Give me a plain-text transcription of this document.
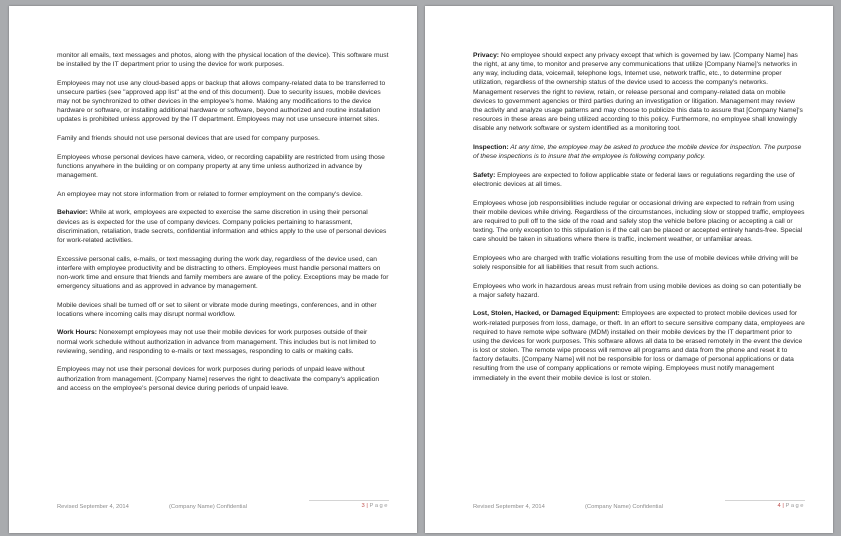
monitor all emails, text messages and photos, along with the physical location of the device). This software must be installed by the IT department prior to using the device for work purposes.

Employees may not use any cloud-based apps or backup that allows company-related data to be transferred to unsecure parties (see "approved app list" at the end of this document). Due to security issues, mobile devices may not be synchronized to other devices in the employee's home. Making any modifications to the device hardware or software, or installing additional hardware or software, beyond authorized and routine installation updates is prohibited unless approved by the IT department. Employees may not use unsecure internet sites.

Family and friends should not use personal devices that are used for company purposes.

Employees whose personal devices have camera, video, or recording capability are restricted from using those functions anywhere in the building or on company property at any time unless authorized in advance by management.

An employee may not store information from or related to former employment on the company's device.

Behavior: While at work, employees are expected to exercise the same discretion in using their personal devices as is expected for the use of company devices. Company policies pertaining to harassment, discrimination, retaliation, trade secrets, confidential information and ethics apply to the use of personal devices for work-related activities.

Excessive personal calls, e-mails, or text messaging during the work day, regardless of the device used, can interfere with employee productivity and be distracting to others. Employees must handle personal matters on non-work time and ensure that friends and family members are aware of the policy. Exceptions may be made for emergency situations and as approved in advance by management.

Mobile devices shall be turned off or set to silent or vibrate mode during meetings, conferences, and in other locations where incoming calls may disrupt normal workflow.

Work Hours: Nonexempt employees may not use their mobile devices for work purposes outside of their normal work schedule without authorization in advance from management. This includes but is not limited to reviewing, sending, and responding to e-mails or text messages, responding to calls or making calls.

Employees may not use their personal devices for work purposes during periods of unpaid leave without authorization from management. [Company Name] reserves the right to deactivate the company's application and access on the employee's personal device during periods of unpaid leave.

Revised September 4, 2014	(Company Name) Confidential	3 | Page

Privacy: No employee should expect any privacy except that which is governed by law. [Company Name] has the right, at any time, to monitor and preserve any communications that utilize [Company Name]'s networks in any way, including data, voicemail, telephone logs, Internet use, network traffic, etc., to determine proper utilization, regardless of the ownership status of the device used to access the company's networks. Management reserves the right to review, retain, or release personal and company-related data on mobile devices to government agencies or third parties during an investigation or litigation. Management may review the activity and analyze usage patterns and may choose to publicize this data to assure that [Company Name]'s resources in these areas are being utilized according to this policy. Furthermore, no employee shall knowingly disable any network software or system identified as a monitoring tool.

Inspection: At any time, the employee may be asked to produce the mobile device for inspection. The purpose of these inspections is to insure that the employee is following company policy.

Safety: Employees are expected to follow applicable state or federal laws or regulations regarding the use of electronic devices at all times.

Employees whose job responsibilities include regular or occasional driving are expected to refrain from using their mobile devices while driving. Regardless of the circumstances, including slow or stopped traffic, employees are required to pull off to the side of the road and safely stop the vehicle before placing or accepting a call or texting. The only exception to this stipulation is if the call can be placed or accepted entirely hands-free. Special care should be taken in situations where there is traffic, inclement weather, or unfamiliar areas.

Employees who are charged with traffic violations resulting from the use of mobile devices while driving will be solely responsible for all liabilities that result from such actions.

Employees who work in hazardous areas must refrain from using mobile devices as doing so can potentially be a major safety hazard.

Lost, Stolen, Hacked, or Damaged Equipment: Employees are expected to protect mobile devices used for work-related purposes from loss, damage, or theft. In an effort to secure sensitive company data, employees are required to have remote wipe software (MDM) installed on their mobile devices by the IT department prior to using the devices for work purposes. This software allows all data to be erased remotely in the event the device is lost or stolen. The remote wipe process will remove all programs and data from the phone and reset it to factory defaults. [Company Name] will not be responsible for loss or damage of personal applications or data resulting from the use of company applications or remote wiping. Employees must notify management immediately in the event their mobile device is lost or stolen.

Revised September 4, 2014	(Company Name) Confidential	4 | Page
